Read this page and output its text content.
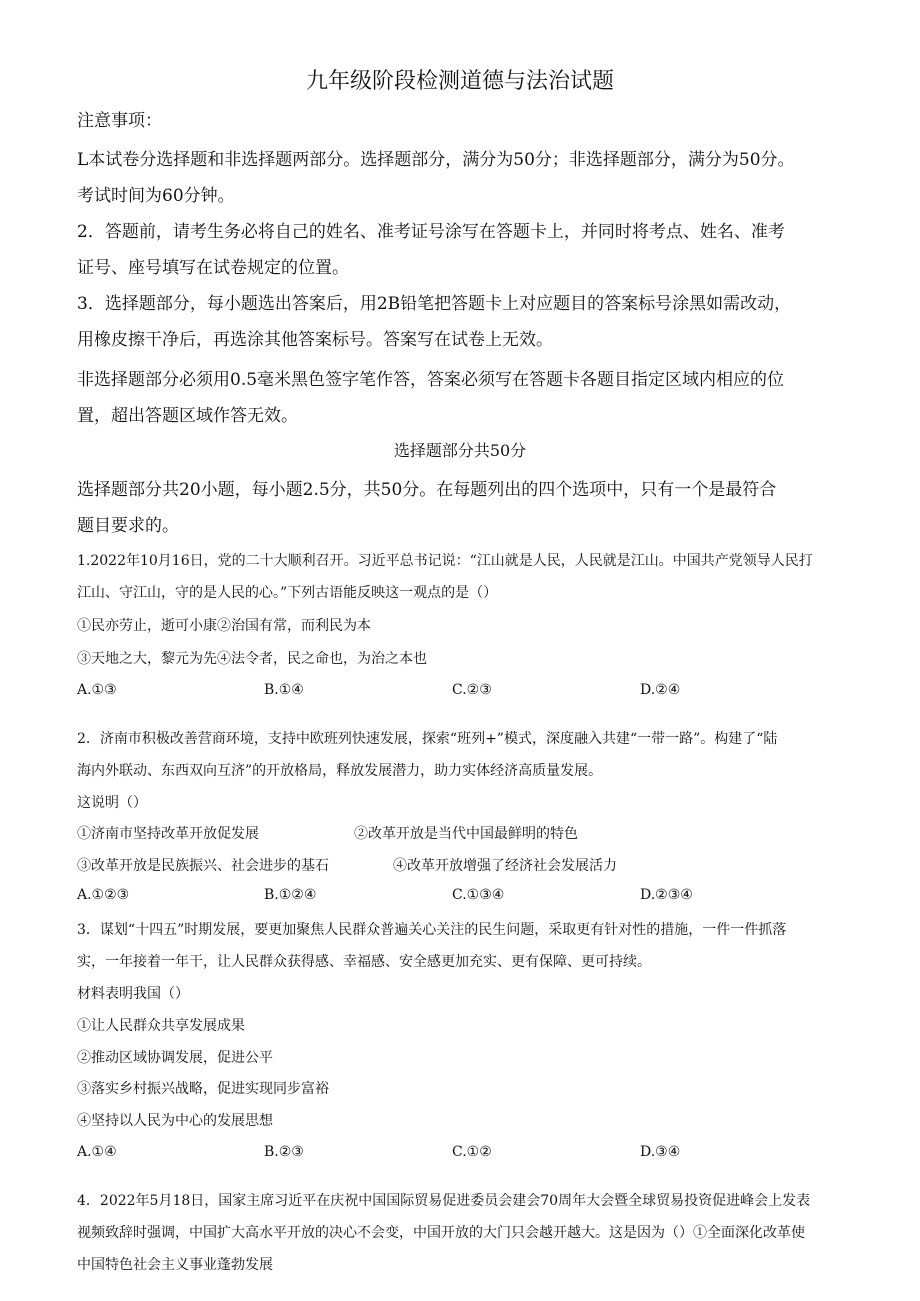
九年级阶段检测道德与法治试题
注意事项：
L本试卷分选择题和非选择题两部分。选择题部分，满分为50分；非选择题部分，满分为50分。
考试时间为60分钟。
2．答题前，请考生务必将自己的姓名、准考证号涂写在答题卡上，并同时将考点、姓名、准考
证号、座号填写在试卷规定的位置。
3．选择题部分，每小题选出答案后，用2B铅笔把答题卡上对应题目的答案标号涂黑如需改动，
用橡皮擦干净后，再选涂其他答案标号。答案写在试卷上无效。
非选择题部分必须用0.5毫米黑色签字笔作答，答案必须写在答题卡各题目指定区域内相应的位
置，超出答题区域作答无效。
选择题部分共50分
选择题部分共20小题，每小题2.5分，共50分。在每题列出的四个选项中，只有一个是最符合
题目要求的。
1.2022年10月16日，党的二十大顺利召开。习近平总书记说：“江山就是人民，人民就是江山。中国共产党领导人民打
江山、守江山，守的是人民的心。”下列古语能反映这一观点的是（）
①民亦劳止，逝可小康②治国有常，而利民为本
③天地之大，黎元为先④法令者，民之命也，为治之本也
A.①③	B.①④	C.②③	D.②④
2．济南市积极改善营商环境，支持中欧班列快速发展，探索“班列+”模式，深度融入共建“一带一路”。构建了“陆
海内外联动、东西双向互济”的开放格局，释放发展潜力，助力实体经济高质量发展。
这说明（）
①济南市坚持改革开放促发展	②改革开放是当代中国最鲜明的特色
③改革开放是民族振兴、社会进步的基石	④改革开放增强了经济社会发展活力
A.①②③	B.①②④	C.①③④	D.②③④
3．谋划“十四五”时期发展，要更加聚焦人民群众普遍关心关注的民生问题，采取更有针对性的措施，一件一件抓落
实，一年接着一年干，让人民群众获得感、幸福感、安全感更加充实、更有保障、更可持续。
材料表明我国（）
①让人民群众共享发展成果
②推动区域协调发展，促进公平
③落实乡村振兴战略，促进实现同步富裕
④坚持以人民为中心的发展思想
A.①④	B.②③	C.①②	D.③④
4．2022年5月18日，国家主席习近平在庆祝中国国际贸易促进委员会建会70周年大会暨全球贸易投资促进峰会上发表
视频致辞时强调，中国扩大高水平开放的决心不会变，中国开放的大门只会越开越大。这是因为（）①全面深化改革使
中国特色社会主义事业蓬勃发展
